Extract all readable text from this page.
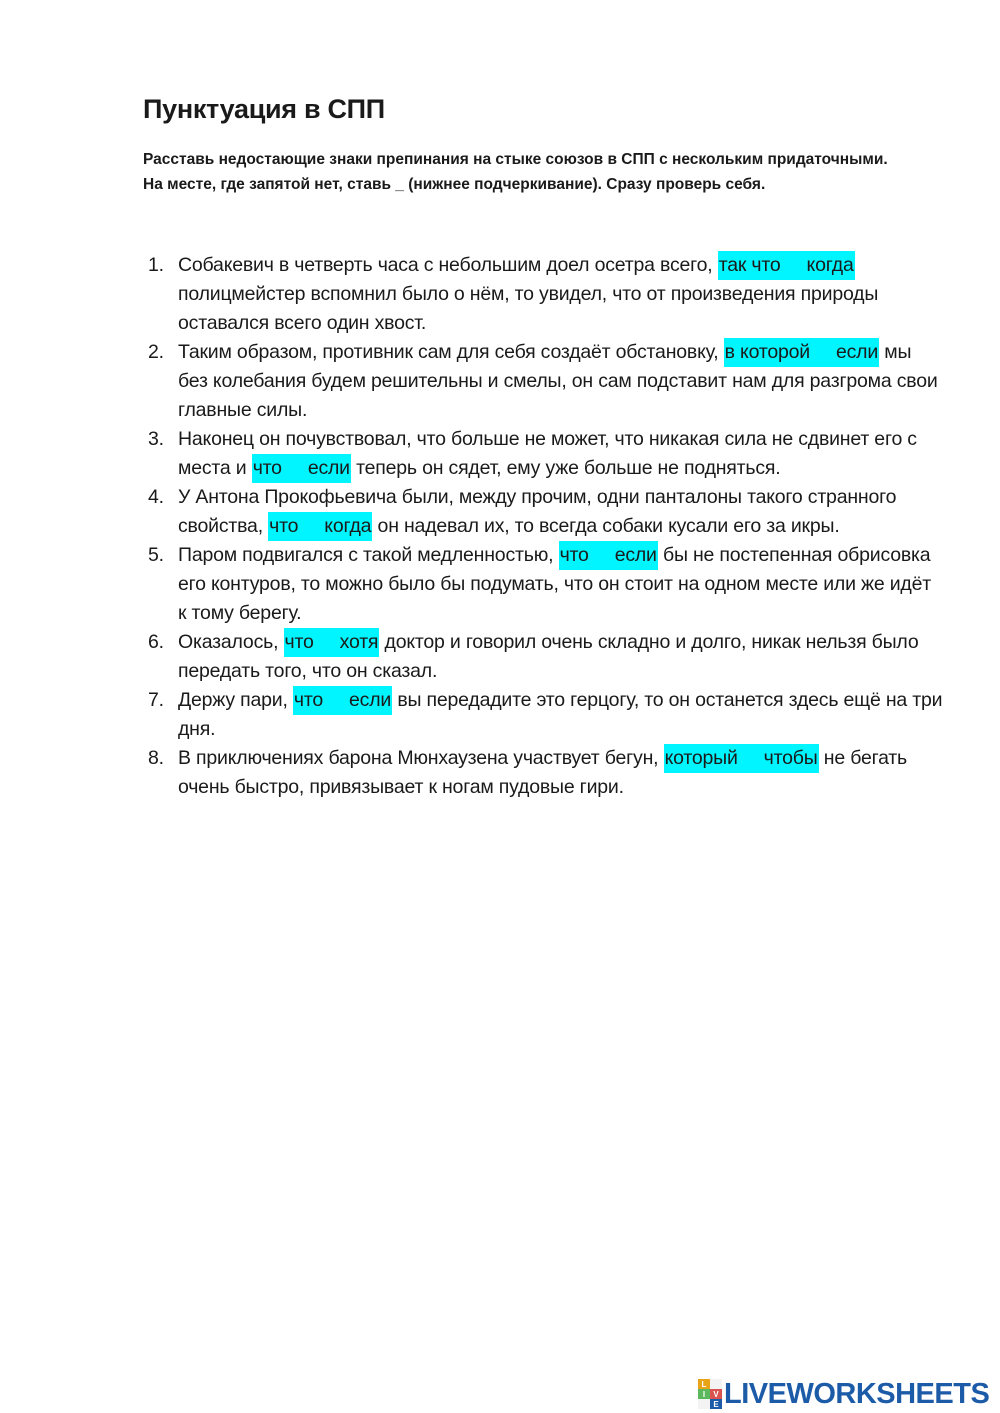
Пунктуация в СПП
Расставь недостающие знаки препинания на стыке союзов в СПП с нескольким придаточными.
На месте, где запятой нет, ставь _ (нижнее подчеркивание). Сразу проверь себя.
1. Собакевич в четверть часа с небольшим доел осетра всего, так что когда полицмейстер вспомнил было о нём, то увидел, что от произведения природы оставался всего один хвост.
2. Таким образом, противник сам для себя создаёт обстановку, в которой если мы без колебания будем решительны и смелы, он сам подставит нам для разгрома свои главные силы.
3. Наконец он почувствовал, что больше не может, что никакая сила не сдвинет его с места и что если теперь он сядет, ему уже больше не подняться.
4. У Антона Прокофьевича были, между прочим, одни панталоны такого странного свойства, что когда он надевал их, то всегда собаки кусали его за икры.
5. Паром подвигался с такой медленностью, что если бы не постепенная обрисовка его контуров, то можно было бы подумать, что он стоит на одном месте или же идёт к тому берегу.
6. Оказалось, что хотя доктор и говорил очень складно и долго, никак нельзя было передать того, что он сказал.
7. Держу пари, что если вы передадите это герцогу, то он останется здесь ещё на три дня.
8. В приключениях барона Мюнхаузена участвует бегун, который чтобы не бегать очень быстро, привязывает к ногам пудовые гири.
L
I	V
E LIVEWORKSHEETS
